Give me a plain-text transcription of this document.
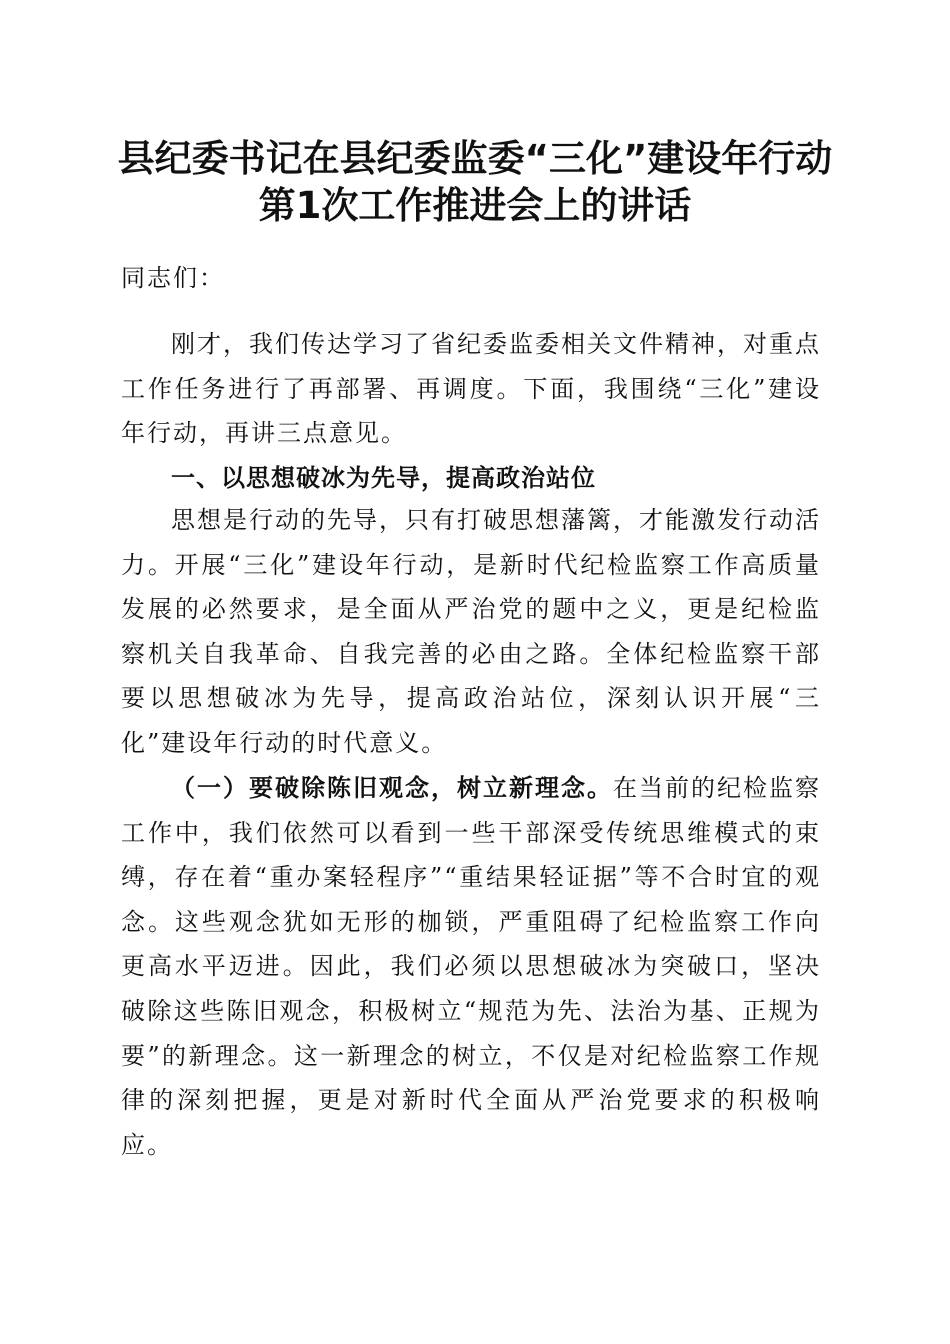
县纪委书记在县纪委监委“三化”建设年行动
第1次工作推进会上的讲话
同志们：
刚才，我们传达学习了省纪委监委相关文件精神，对重点工作任务进行了再部署、再调度。下面，我围绕“三化”建设年行动，再讲三点意见。
一、以思想破冰为先导，提高政治站位
思想是行动的先导，只有打破思想藩篱，才能激发行动活力。开展“三化”建设年行动，是新时代纪检监察工作高质量发展的必然要求，是全面从严治党的题中之义，更是纪检监察机关自我革命、自我完善的必由之路。全体纪检监察干部要以思想破冰为先导，提高政治站位，深刻认识开展“三化”建设年行动的时代意义。
（一）要破除陈旧观念，树立新理念。在当前的纪检监察工作中，我们依然可以看到一些干部深受传统思维模式的束缚，存在着“重办案轻程序”“重结果轻证据”等不合时宜的观念。这些观念犹如无形的枷锁，严重阻碍了纪检监察工作向更高水平迈进。因此，我们必须以思想破冰为突破口，坚决破除这些陈旧观念，积极树立“规范为先、法治为基、正规为要”的新理念。这一新理念的树立，不仅是对纪检监察工作规律的深刻把握，更是对新时代全面从严治党要求的积极响应。
